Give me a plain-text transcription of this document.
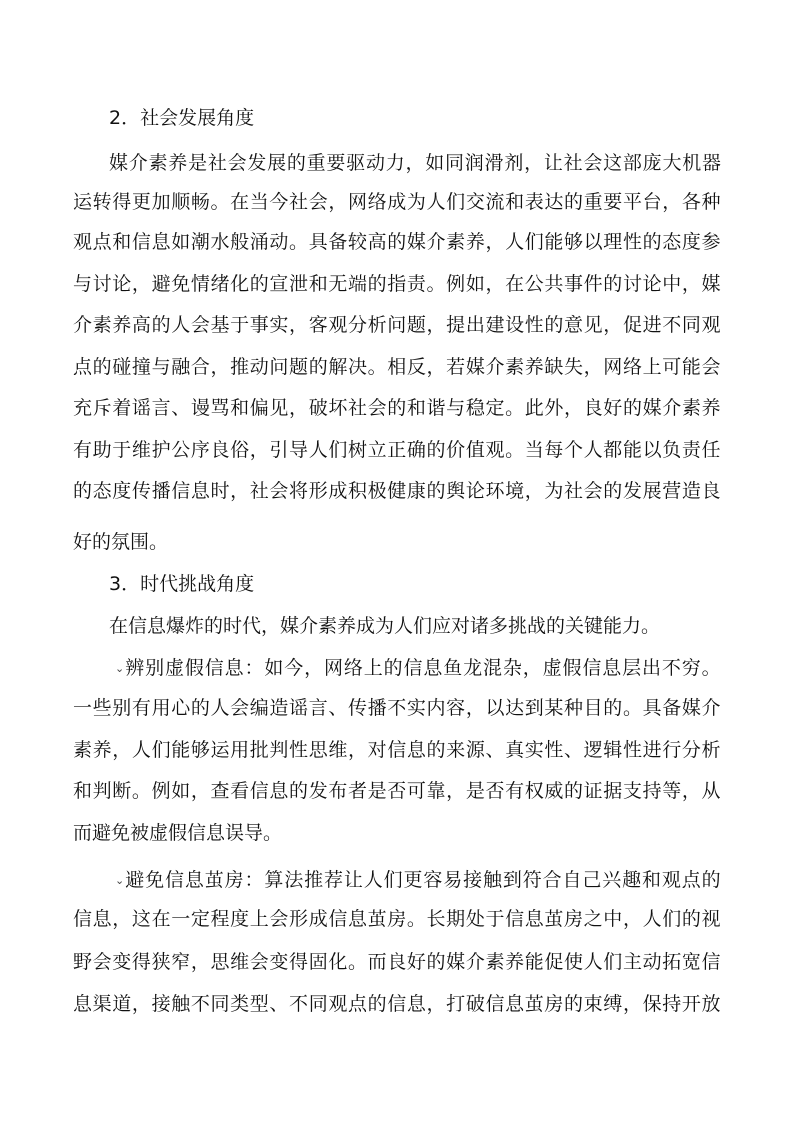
2．社会发展角度
媒 介 素 养 是 社 会 发 展 的 重 要 驱 动 力 ， 如 同 润 滑 剂 ， 让 社 会 这 部 庞 大 机 器
运 转 得 更 加 顺 畅 。 在 当 今 社 会 ， 网 络 成 为 人 们 交 流 和 表 达 的 重 要 平 台 ， 各 种
观 点 和 信 息 如 潮 水 般 涌 动 。 具 备 较 高 的 媒 介 素 养 ， 人 们 能 够 以 理 性 的 态 度 参
与 讨 论 ， 避 免 情 绪 化 的 宣 泄 和 无 端 的 指 责 。 例 如 ， 在 公 共 事 件 的 讨 论 中 ， 媒
介 素 养 高 的 人 会 基 于 事 实 ， 客 观 分 析 问 题 ， 提 出 建 设 性 的 意 见 ， 促 进 不 同 观
点 的 碰 撞 与 融 合 ， 推 动 问 题 的 解 决 。 相 反 ， 若 媒 介 素 养 缺 失 ， 网 络 上 可 能 会
充 斥 着 谣 言 、 谩 骂 和 偏 见 ， 破 坏 社 会 的 和 谐 与 稳 定 。 此 外 ， 良 好 的 媒 介 素 养
有 助 于 维 护 公 序 良 俗 ， 引 导 人 们 树 立 正 确 的 价 值 观 。 当 每 个 人 都 能 以 负 责 任
的 态 度 传 播 信 息 时 ， 社 会 将 形 成 积 极 健 康 的 舆 论 环 境 ， 为 社 会 的 发 展 营 造 良
好的氛围。
3．时代挑战角度
在信息爆炸的时代，媒介素养成为人们应对诸多挑战的关键能力。
⌄辨 别 虚 假 信 息 ： 如 今 ， 网 络 上 的 信 息 鱼 龙 混 杂 ， 虚 假 信 息 层 出 不 穷 。
一 些 别 有 用 心 的 人 会 编 造 谣 言 、 传 播 不 实 内 容 ， 以 达 到 某 种 目 的 。 具 备 媒 介
素 养 ， 人 们 能 够 运 用 批 判 性 思 维 ， 对 信 息 的 来 源 、 真 实 性 、 逻 辑 性 进 行 分 析
和 判 断 。 例 如 ， 查 看 信 息 的 发 布 者 是 否 可 靠 ， 是 否 有 权 威 的 证 据 支 持 等 ， 从
而避免被虚假信息误导。
⌄避 免 信 息 茧 房 ： 算 法 推 荐 让 人 们 更 容 易 接 触 到 符 合 自 己 兴 趣 和 观 点 的
信 息 ， 这 在 一 定 程 度 上 会 形 成 信 息 茧 房 。 长 期 处 于 信 息 茧 房 之 中 ， 人 们 的 视
野 会 变 得 狭 窄 ， 思 维 会 变 得 固 化 。 而 良 好 的 媒 介 素 养 能 促 使 人 们 主 动 拓 宽 信
息 渠 道 ， 接 触 不 同 类 型 、 不 同 观 点 的 信 息 ， 打 破 信 息 茧 房 的 束 缚 ， 保 持 开 放
